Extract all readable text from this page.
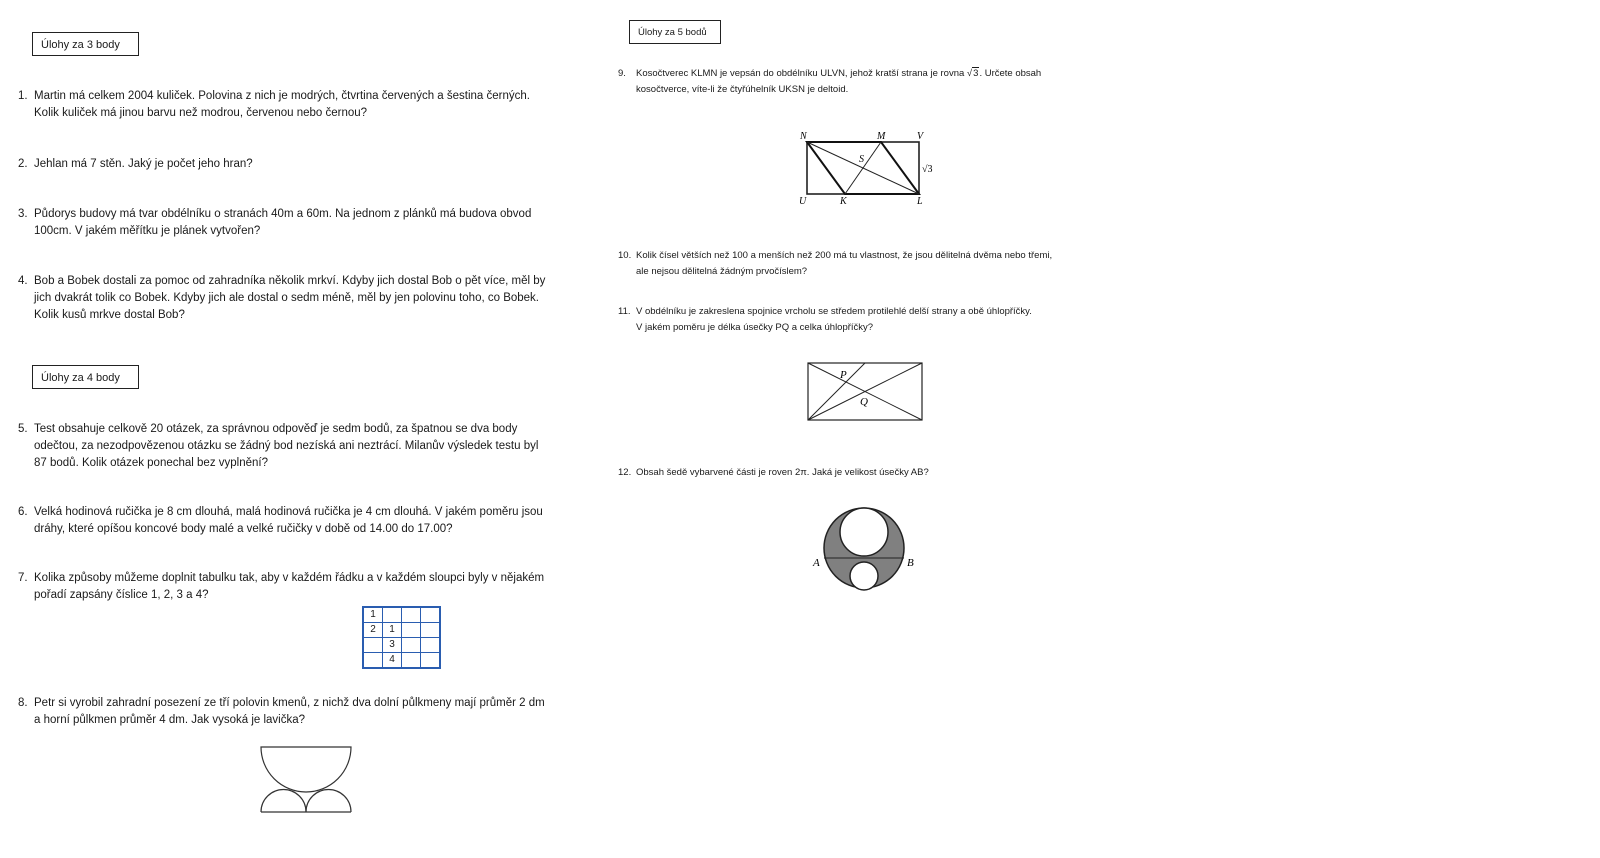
Úlohy za 3 body
Úlohy za 4 body
Úlohy za 5 bodů
1. Martin má celkem 2004 kuliček. Polovina z nich je modrých, čtvrtina červených a šestina černých.
Kolik kuliček má jinou barvu než modrou, červenou nebo černou?
2. Jehlan má 7 stěn. Jaký je počet jeho hran?
3. Půdorys budovy má tvar obdélníku o stranách 40m a 60m. Na jednom z plánků má budova obvod
100cm. V jakém měřítku je plánek vytvořen?
4. Bob a Bobek dostali za pomoc od zahradníka několik mrkví. Kdyby jich dostal Bob o pět více, měl by
jich dvakrát tolik co Bobek. Kdyby jich ale dostal o sedm méně, měl by jen polovinu toho, co Bobek.
Kolik kusů mrkve dostal Bob?
5. Test obsahuje celkově 20 otázek, za správnou odpověď je sedm bodů, za špatnou se dva body
odečtou, za nezodpovězenou otázku se žádný bod nezíská ani neztrácí. Milanův výsledek testu byl
87 bodů. Kolik otázek ponechal bez vyplnění?
6. Velká hodinová ručička je 8 cm dlouhá, malá hodinová ručička je 4 cm dlouhá. V jakém poměru jsou
dráhy, které opíšou koncové body malé a velké ručičky v době od 14.00 do 17.00?
7. Kolika způsoby můžeme doplnit tabulku tak, aby v každém řádku a v každém sloupci byly v nějakém
pořadí zapsány číslice 1, 2, 3 a 4?
1			
2	1		
	3		
	4		
8. Petr si vyrobil zahradní posezení ze tří polovin kmenů, z nichž dva dolní půlkmeny mají průměr 2 dm
a horní půlkmen průměr 4 dm. Jak vysoká je lavička?
9. Kosočtverec KLMN je vepsán do obdélníku ULVN, jehož kratší strana je rovna √3. Určete obsah
kosočtverce, víte-li že čtyřúhelník UKSN je deltoid.
N	M	V
S
U	K	L
√3
10. Kolik čísel větších než 100 a menších než 200 má tu vlastnost, že jsou dělitelná dvěma nebo třemi,
ale nejsou dělitelná žádným prvočíslem?
11. V obdélníku je zakreslena spojnice vrcholu se středem protilehlé delší strany a obě úhlopříčky.
V jakém poměru je délka úsečky PQ a celka úhlopříčky?
P
Q
12. Obsah šedě vybarvené části je roven 2π. Jaká je velikost úsečky AB?
A	B
